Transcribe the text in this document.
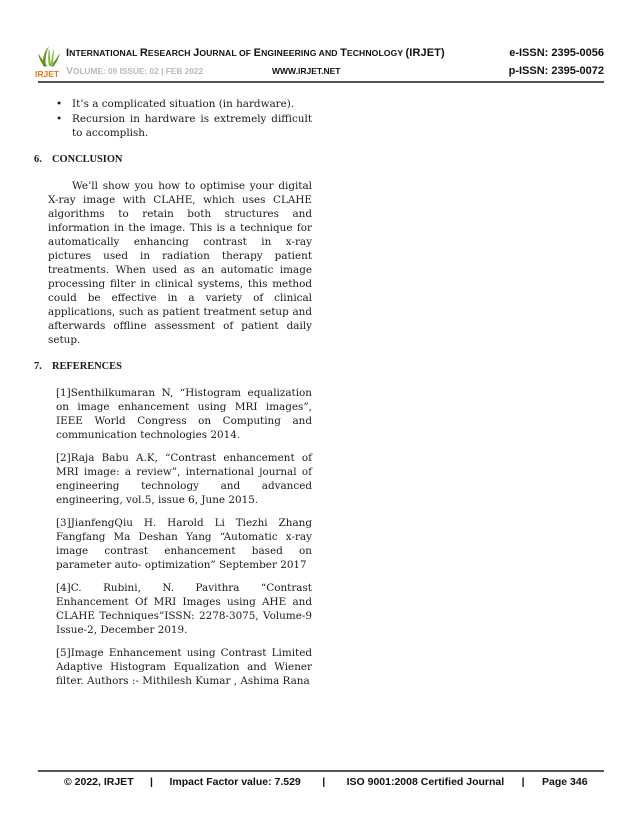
IRJET
INTERNATIONAL RESEARCH JOURNAL OF ENGINEERING AND TECHNOLOGY (IRJET)	e-ISSN: 2395-0056
VOLUME: 09 ISSUE: 02 | FEB 2022	WWW.IRJET.NET	p-ISSN: 2395-0072
• It’s a complicated situation (in hardware).
• Recursion in hardware is extremely difficult to accomplish.
6. CONCLUSION

We’ll show you how to optimise your digital X-ray image with CLAHE, which uses CLAHE algorithms to retain both structures and information in the image. This is a technique for automatically enhancing contrast in x-ray pictures used in radiation therapy patient treatments. When used as an automatic image processing filter in clinical systems, this method could be effective in a variety of clinical applications, such as patient treatment setup and afterwards offline assessment of patient daily setup.

7. REFERENCES

[1]Senthilkumaran N, “Histogram equalization on image enhancement using MRI images”, IEEE World Congress on Computing and communication technologies 2014.

[2]Raja Babu A.K, “Contrast enhancement of MRI image: a review”, international journal of engineering technology and advanced engineering, vol.5, issue 6, June 2015.

[3]JianfengQiu H. Harold Li Tiezhi Zhang Fangfang Ma Deshan Yang “Automatic x-ray image contrast enhancement based on parameter auto- optimization” September 2017

[4]C. Rubini, N. Pavithra “Contrast Enhancement Of MRI Images using AHE and CLAHE Techniques”ISSN: 2278-3075, Volume-9 Issue-2, December 2019.

[5]Image Enhancement using Contrast Limited Adaptive Histogram Equalization and Wiener filter. Authors :- Mithilesh Kumar , Ashima Rana

© 2022, IRJET | Impact Factor value: 7.529 | ISO 9001:2008 Certified Journal | Page 346
